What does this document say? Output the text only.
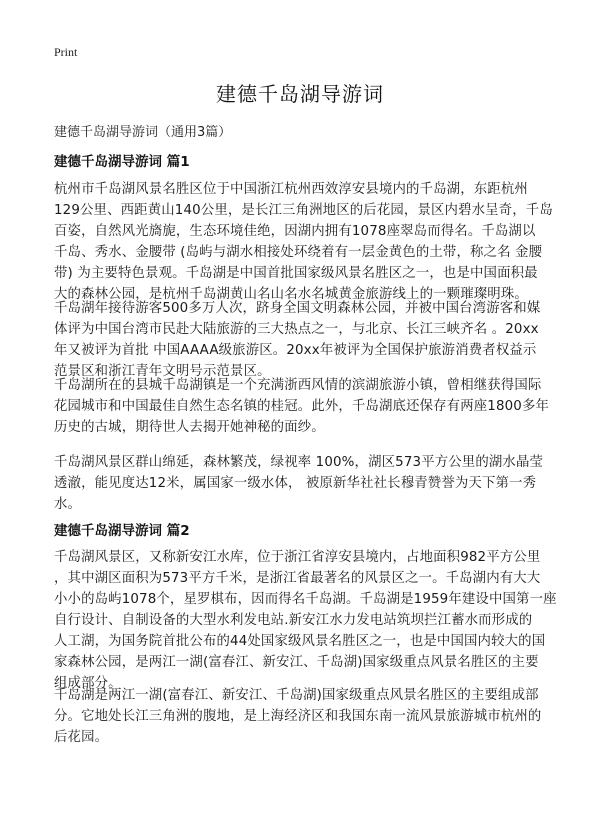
Print
建德千岛湖导游词
建德千岛湖导游词（通用3篇）
建德千岛湖导游词 篇1
杭州市千岛湖风景名胜区位于中国浙江杭州西效淳安县境内的千岛湖，东距杭州
129公里、西距黄山140公里，是长江三角洲地区的后花园，景区内碧水呈奇，千岛
百姿，自然风光旖旎，生态环境佳绝，因湖内拥有1078座翠岛而得名。千岛湖以
千岛、秀水、金腰带 (岛屿与湖水相接处环绕着有一层金黄色的土带，称之名 金腰
带) 为主要特色景观。千岛湖是中国首批国家级风景名胜区之一，也是中国面积最
大的森林公园，是杭州千岛湖黄山名山名水名城黄金旅游线上的一颗璀璨明珠。
千岛湖年接待游客500多万人次，跻身全国文明森林公园，并被中国台湾游客和媒
体评为中国台湾市民赴大陆旅游的三大热点之一，与北京、长江三峡齐名 。20xx
年又被评为首批 中国AAAA级旅游区。20xx年被评为全国保护旅游消费者权益示
范景区和浙江青年文明号示范景区。
千岛湖所在的县城千岛湖镇是一个充满浙西风情的滨湖旅游小镇，曾相继获得国际
花园城市和中国最佳自然生态名镇的桂冠。此外，千岛湖底还保存有两座1800多年
历史的古城，期待世人去揭开她神秘的面纱。
千岛湖风景区群山绵延，森林繁茂，绿视率 100%，湖区573平方公里的湖水晶莹
透澈，能见度达12米，属国家一级水体， 被原新华社社长穆青赞誉为天下第一秀
水。
建德千岛湖导游词 篇2
千岛湖风景区，又称新安江水库，位于浙江省淳安县境内，占地面积982平方公里
，其中湖区面积为573平方千米，是浙江省最著名的风景区之一。千岛湖内有大大
小小的岛屿1078个，星罗棋布，因而得名千岛湖。千岛湖是1959年建设中国第一座
自行设计、自制设备的大型水利发电站.新安江水力发电站筑坝拦江蓄水而形成的
人工湖，为国务院首批公布的44处国家级风景名胜区之一，也是中国国内较大的国
家森林公园，是两江一湖(富春江、新安江、千岛湖)国家级重点风景名胜区的主要
组成部分。
千岛湖是两江一湖(富春江、新安江、千岛湖)国家级重点风景名胜区的主要组成部
分。它地处长江三角洲的腹地，是上海经济区和我国东南一流风景旅游城市杭州的
后花园。
